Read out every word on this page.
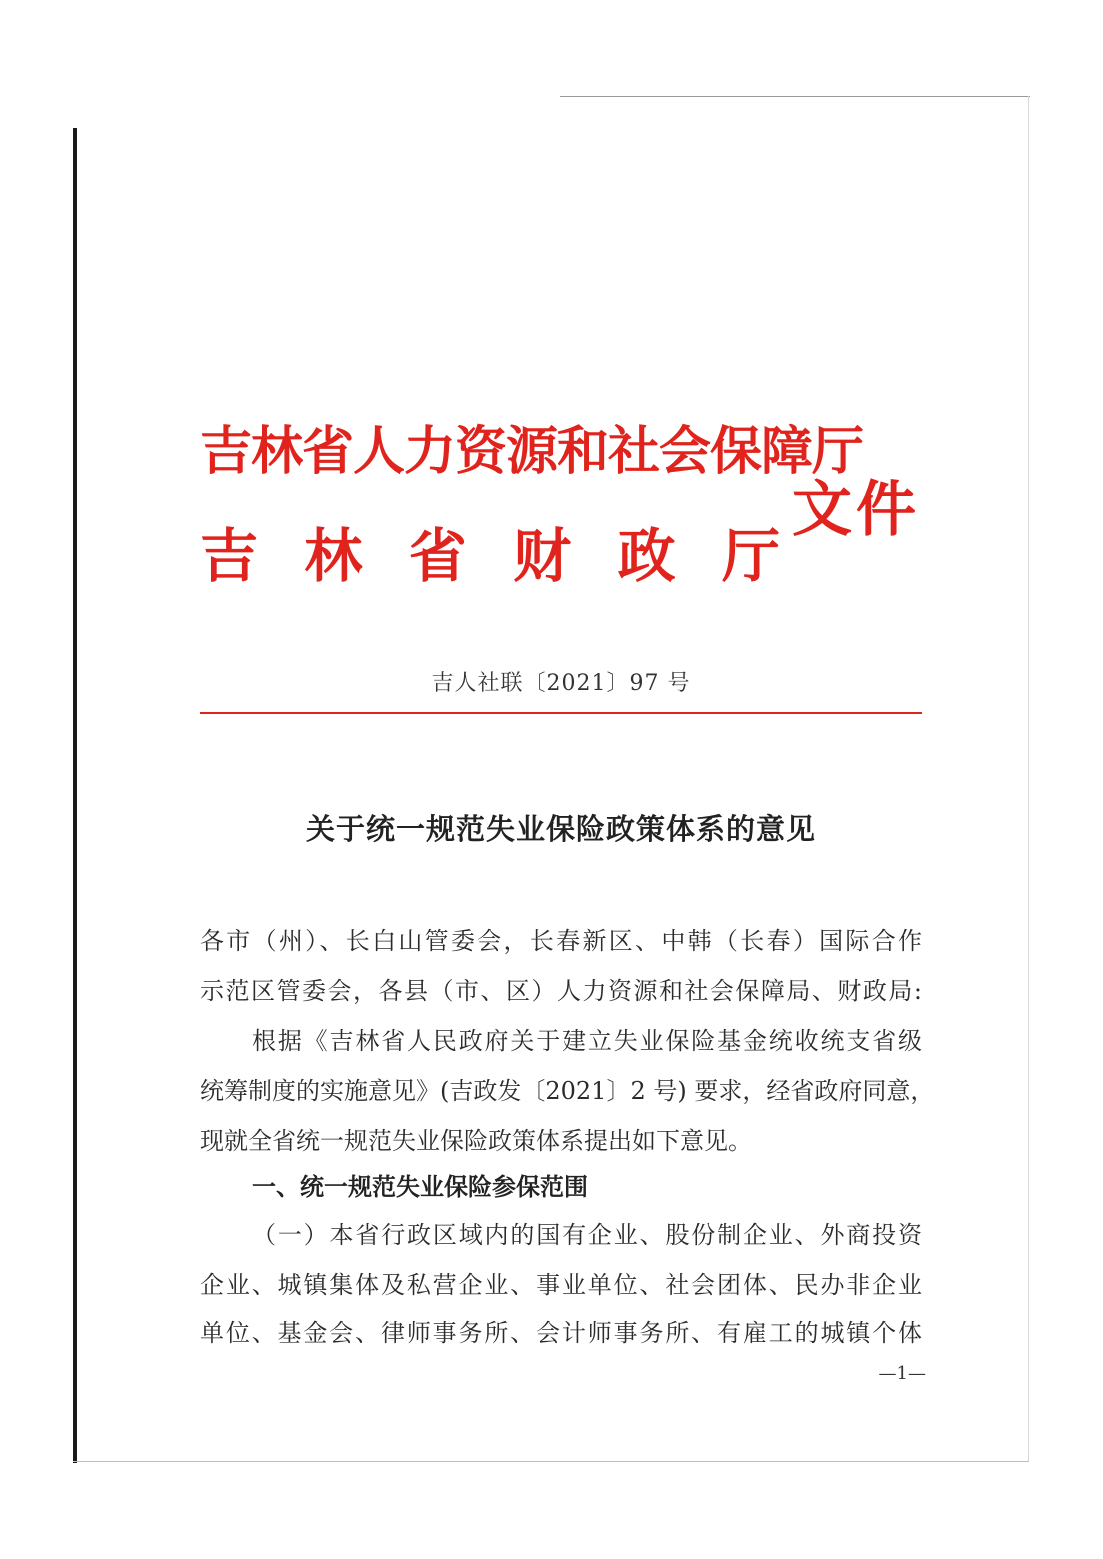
吉林省人力资源和社会保障厅
吉 林 省 财 政 厅
文件
吉人社联〔2021〕97 号
关于统一规范失业保险政策体系的意见

各市（州）、长白山管委会，长春新区、中韩（长春）国际合作

示范区管委会，各县（市、区）人力资源和社会保障局、财政局:

根据《吉林省人民政府关于建立失业保险基金统收统支省级

统筹制度的实施意见》(吉政发〔2021〕2 号) 要求，经省政府同意，

现就全省统一规范失业保险政策体系提出如下意见。

一、统一规范失业保险参保范围

（一）本省行政区域内的国有企业、股份制企业、外商投资

企业、城镇集体及私营企业、事业单位、社会团体、民办非企业

单位、基金会、律师事务所、会计师事务所、有雇工的城镇个体

—1—
